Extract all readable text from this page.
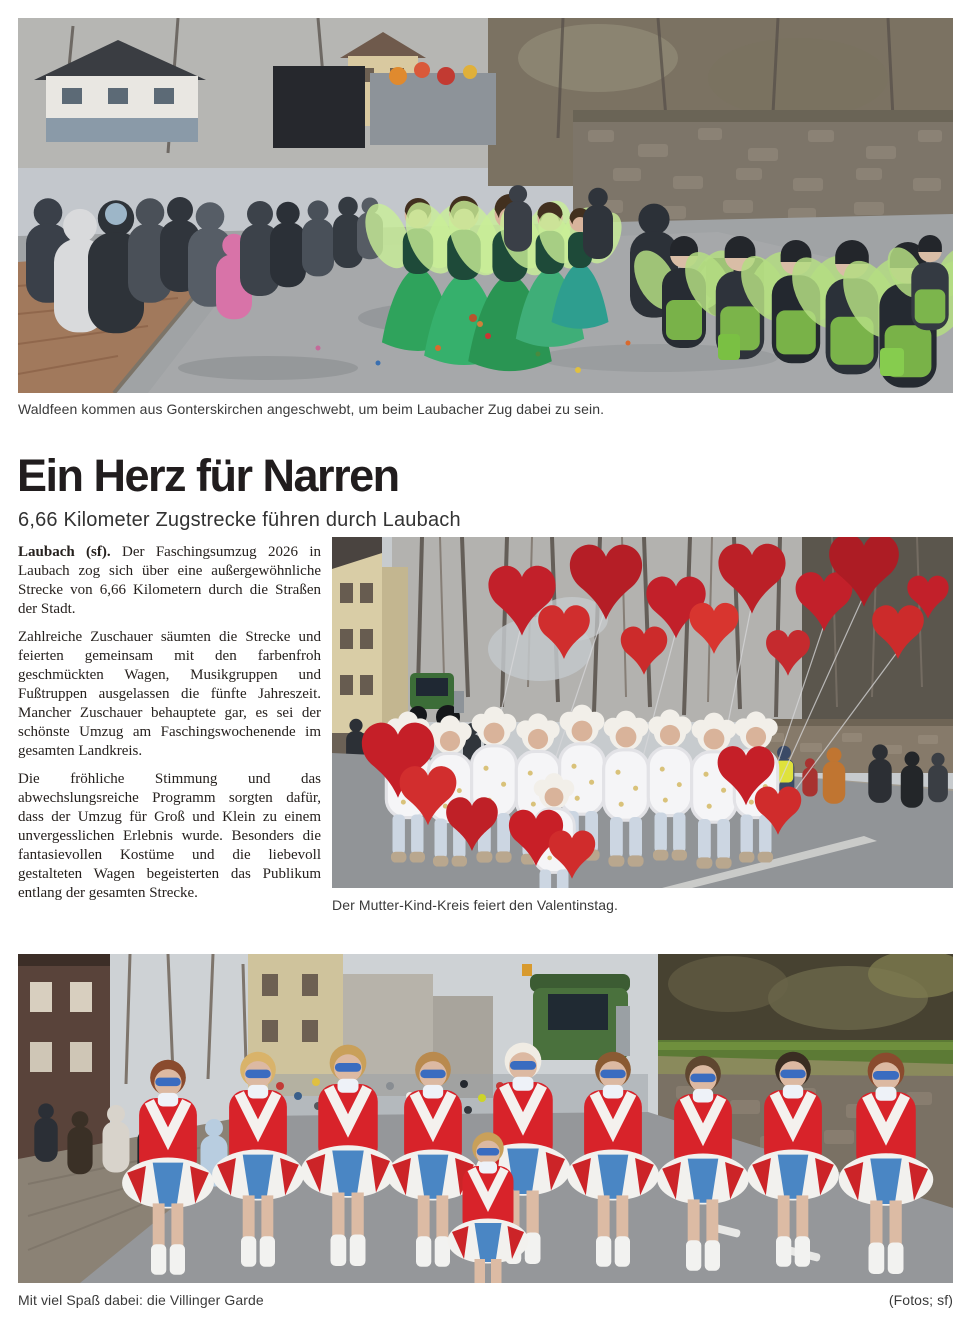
Waldfeen kommen aus Gonterskirchen angeschwebt, um beim Laubacher Zug dabei zu sein.
Ein Herz für Narren
6,66 Kilometer Zugstrecke führen durch Laubach

Laubach (sf). Der Faschingsumzug 2026 in Laubach zog sich über eine außergewöhnliche Strecke von 6,66 Kilometern durch die Straßen der Stadt.

Zahlreiche Zuschauer säumten die Strecke und feierten gemeinsam mit den farbenfroh geschmückten Wagen, Musikgruppen und Fußtruppen ausgelassen die fünfte Jahreszeit. Mancher Zuschauer behauptete gar, es sei der schönste Umzug am Faschingswochenende im gesamten Landkreis.

Die fröhliche Stimmung und das abwechslungsreiche Programm sorgten dafür, dass der Umzug für Groß und Klein zu einem unvergesslichen Erlebnis wurde. Besonders die fantasievollen Kostüme und die liebevoll gestalteten Wagen begeisterten das Publikum entlang der gesamten Strecke.

Der Mutter-Kind-Kreis feiert den Valentinstag.
Mit viel Spaß dabei: die Villinger Garde	(Fotos; sf)
